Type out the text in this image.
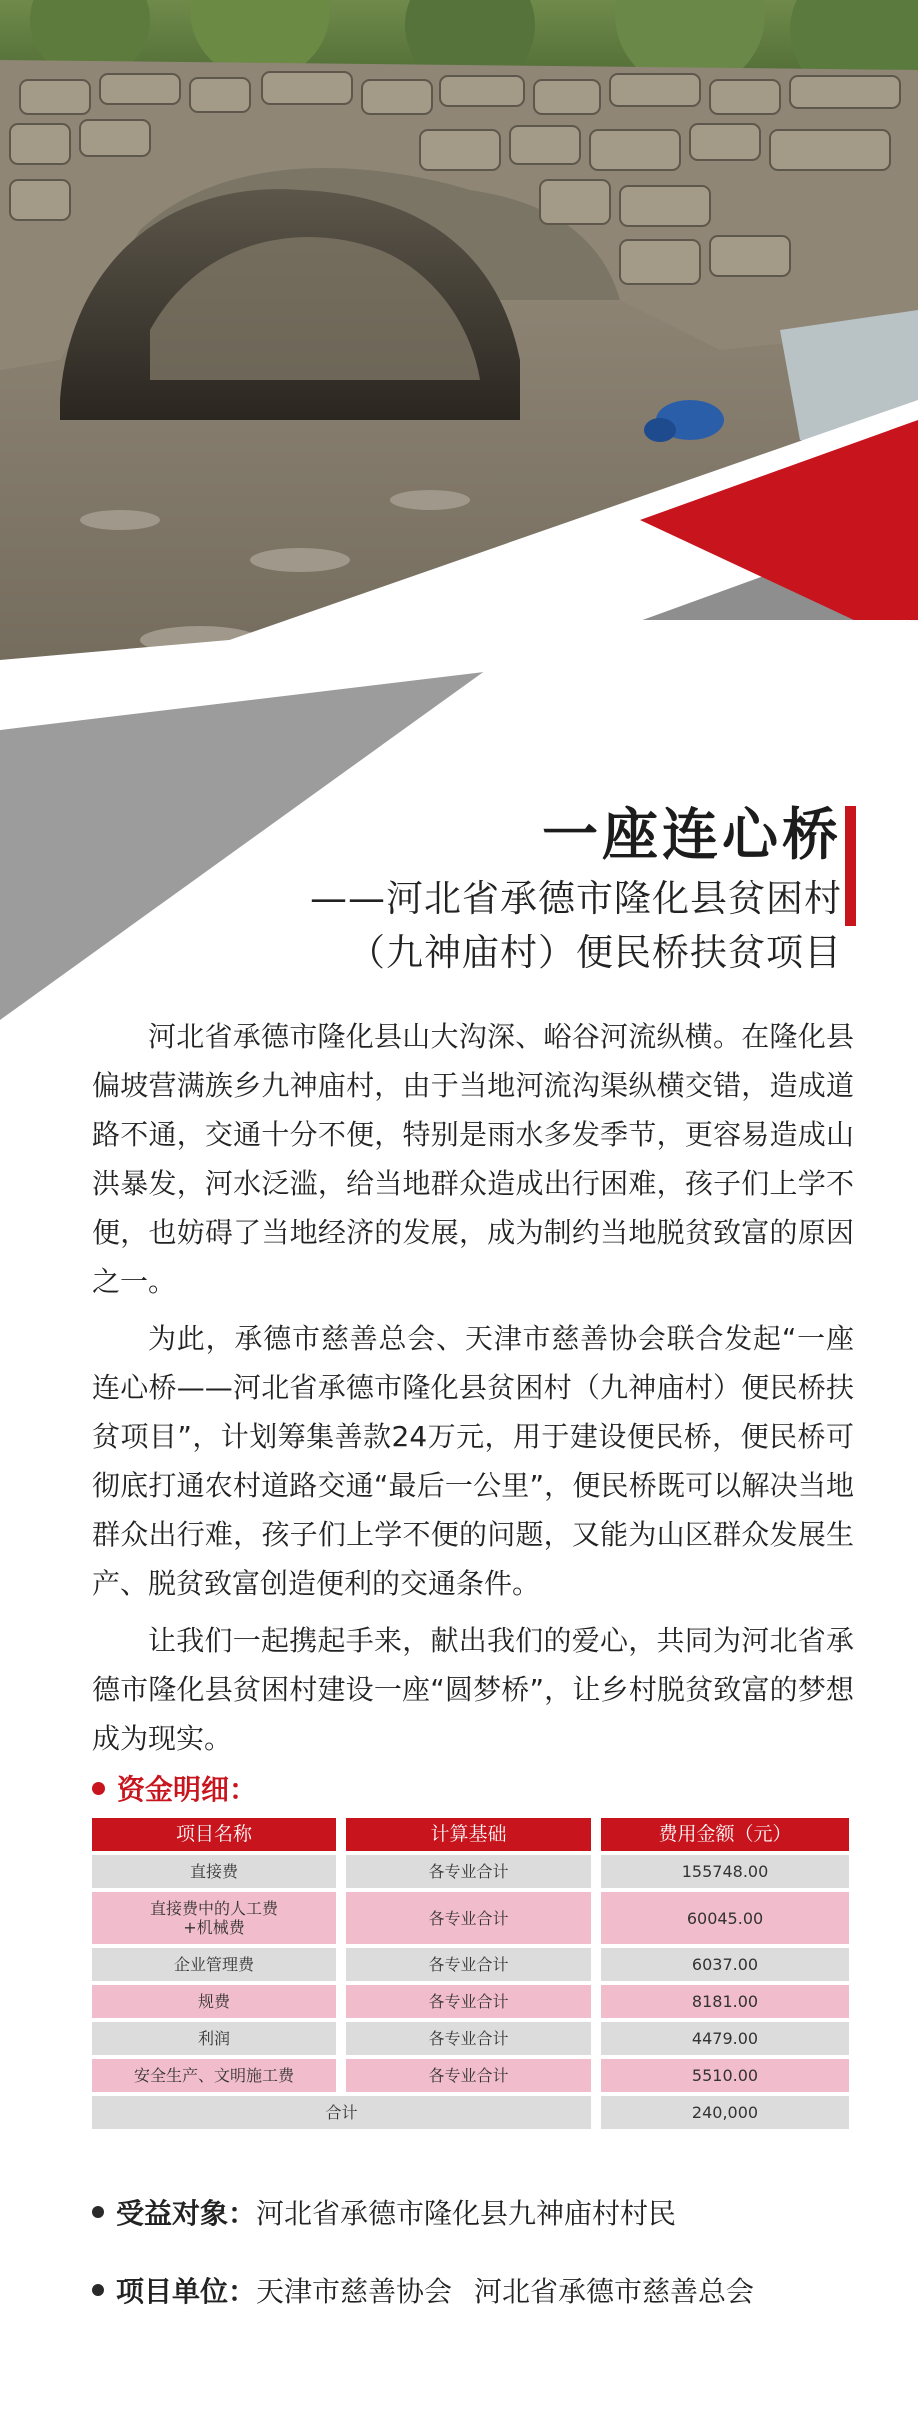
一座连心桥
——河北省承德市隆化县贫困村
（九神庙村）便民桥扶贫项目

河北省承德市隆化县山大沟深、峪谷河流纵横。在隆化县偏坡营满族乡九神庙村，由于当地河流沟渠纵横交错，造成道路不通，交通十分不便，特别是雨水多发季节，更容易造成山洪暴发，河水泛滥，给当地群众造成出行困难，孩子们上学不便，也妨碍了当地经济的发展，成为制约当地脱贫致富的原因之一。

为此，承德市慈善总会、天津市慈善协会联合发起“一座连心桥——河北省承德市隆化县贫困村（九神庙村）便民桥扶贫项目”，计划筹集善款24万元，用于建设便民桥，便民桥可彻底打通农村道路交通“最后一公里”，便民桥既可以解决当地群众出行难，孩子们上学不便的问题，又能为山区群众发展生产、脱贫致富创造便利的交通条件。

让我们一起携起手来，献出我们的爱心，共同为河北省承德市隆化县贫困村建设一座“圆梦桥”，让乡村脱贫致富的梦想成为现实。

资金明细：
项目名称	计算基础	费用金额（元）
直接费	各专业合计	155748.00
直接费中的人工费
+机械费	各专业合计	60045.00
企业管理费	各专业合计	6037.00
规费	各专业合计	8181.00
利润	各专业合计	4479.00
安全生产、文明施工费	各专业合计	5510.00
合计	240,000
受益对象： 河北省承德市隆化县九神庙村村民
项目单位： 天津市慈善协会 河北省承德市慈善总会
